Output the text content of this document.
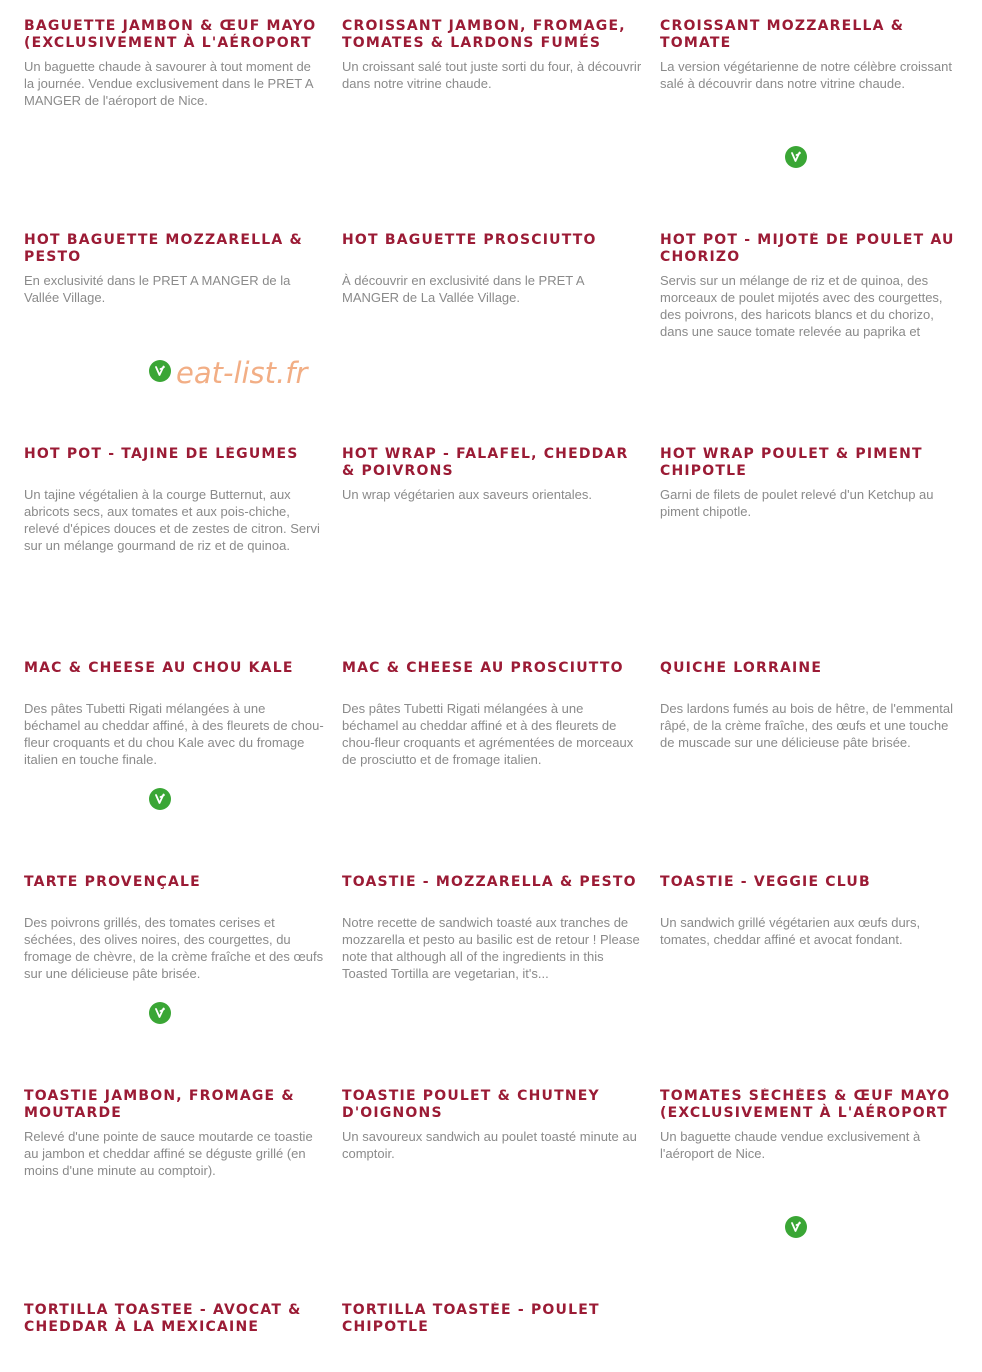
BAGUETTE JAMBON & ŒUF MAYO (EXCLUSIVEMENT À L'AÉROPORT

Un baguette chaude à savourer à tout moment de la journée. Vendue exclusivement dans le PRET A MANGER de l'aéroport de Nice.

CROISSANT JAMBON, FROMAGE, TOMATES & LARDONS FUMÉS

Un croissant salé tout juste sorti du four, à découvrir dans notre vitrine chaude.

CROISSANT MOZZARELLA & TOMATE

La version végétarienne de notre célèbre croissant salé à découvrir dans notre vitrine chaude.

HOT BAGUETTE MOZZARELLA & PESTO

En exclusivité dans le PRET A MANGER de la Vallée Village.

HOT BAGUETTE PROSCIUTTO

À découvrir en exclusivité dans le PRET A MANGER de La Vallée Village.

HOT POT - MIJOTÉ DE POULET AU CHORIZO

Servis sur un mélange de riz et de quinoa, des morceaux de poulet mijotés avec des courgettes, des poivrons, des haricots blancs et du chorizo, dans une sauce tomate relevée au paprika et

HOT POT - TAJINE DE LÉGUMES

Un tajine végétalien à la courge Butternut, aux abricots secs, aux tomates et aux pois-chiche, relevé d'épices douces et de zestes de citron. Servi sur un mélange gourmand de riz et de quinoa.

HOT WRAP - FALAFEL, CHEDDAR & POIVRONS

Un wrap végétarien aux saveurs orientales.

HOT WRAP POULET & PIMENT CHIPOTLE

Garni de filets de poulet relevé d'un Ketchup au piment chipotle.

MAC & CHEESE AU CHOU KALE

Des pâtes Tubetti Rigati mélangées à une béchamel au cheddar affiné, à des fleurets de chou-fleur croquants et du chou Kale avec du fromage italien en touche finale.

MAC & CHEESE AU PROSCIUTTO

Des pâtes Tubetti Rigati mélangées à une béchamel au cheddar affiné et à des fleurets de chou-fleur croquants et agrémentées de morceaux de prosciutto et de fromage italien.

QUICHE LORRAINE

Des lardons fumés au bois de hêtre, de l'emmental râpé, de la crème fraîche, des œufs et une touche de muscade sur une délicieuse pâte brisée.

TARTE PROVENÇALE

Des poivrons grillés, des tomates cerises et séchées, des olives noires, des courgettes, du fromage de chèvre, de la crème fraîche et des œufs sur une délicieuse pâte brisée.

TOASTIE - MOZZARELLA & PESTO

Notre recette de sandwich toasté aux tranches de mozzarella et pesto au basilic est de retour ! Please note that although all of the ingredients in this Toasted Tortilla are vegetarian, it's...

TOASTIE - VEGGIE CLUB

Un sandwich grillé végétarien aux œufs durs, tomates, cheddar affiné et avocat fondant.

TOASTIE JAMBON, FROMAGE & MOUTARDE

Relevé d'une pointe de sauce moutarde ce toastie au jambon et cheddar affiné se déguste grillé (en moins d'une minute au comptoir).

TOASTIE POULET & CHUTNEY D'OIGNONS

Un savoureux sandwich au poulet toasté minute au comptoir.

TOMATES SÉCHÉES & ŒUF MAYO (EXCLUSIVEMENT À L'AÉROPORT

Un baguette chaude vendue exclusivement à l'aéroport de Nice.

TORTILLA TOASTEE - AVOCAT & CHEDDAR À LA MEXICAINE
TORTILLA TOASTÉE - POULET CHIPOTLE
eat-list.fr
